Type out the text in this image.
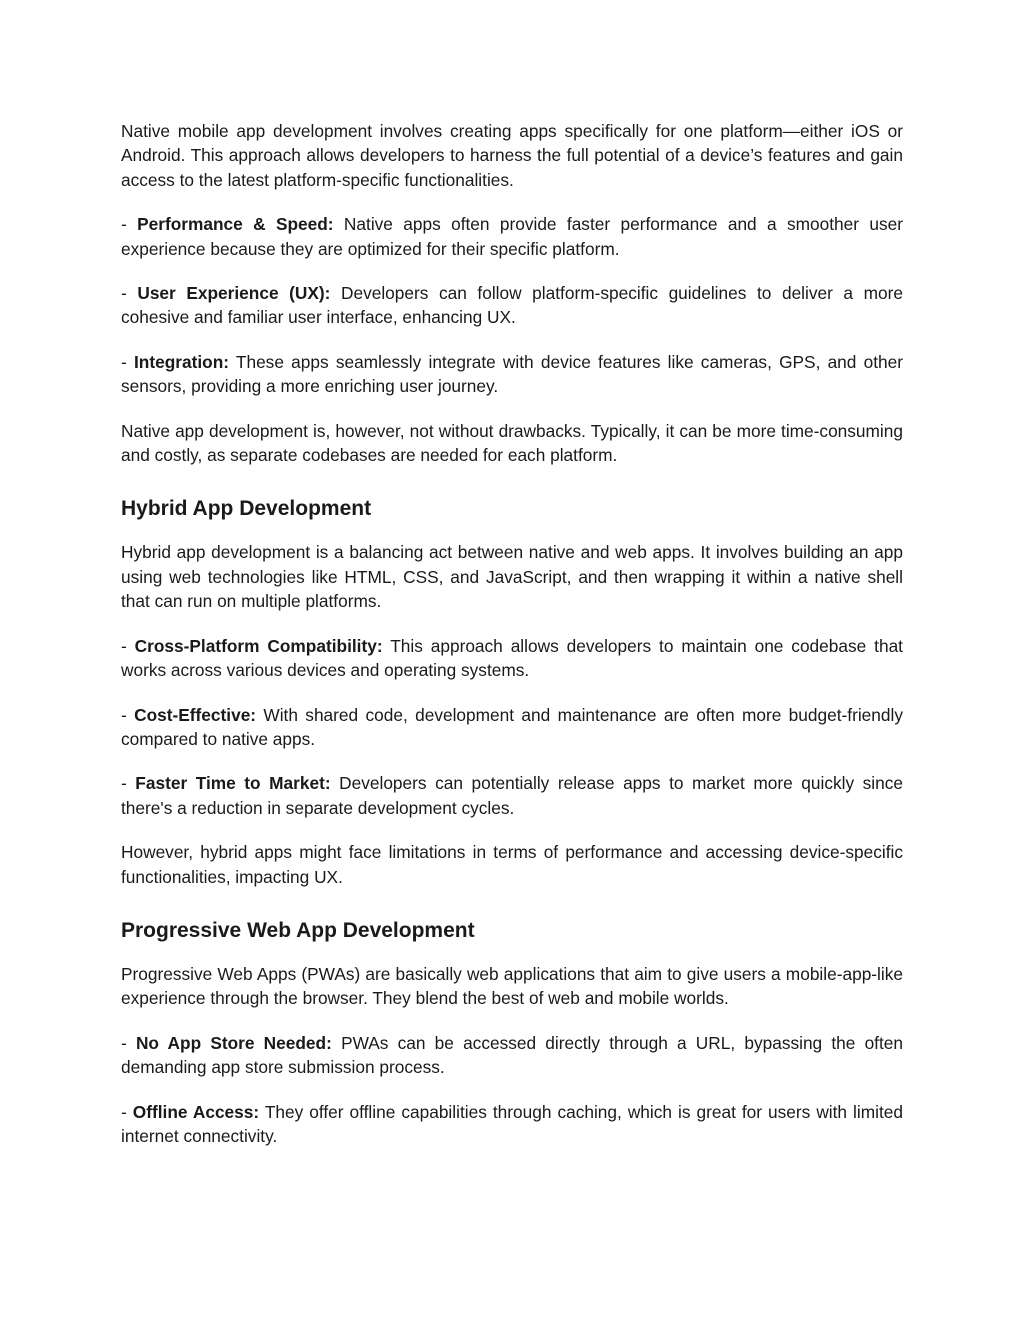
Native mobile app development involves creating apps specifically for one platform—either iOS or Android. This approach allows developers to harness the full potential of a device’s features and gain access to the latest platform-specific functionalities.

- Performance & Speed: Native apps often provide faster performance and a smoother user experience because they are optimized for their specific platform.

- User Experience (UX): Developers can follow platform-specific guidelines to deliver a more cohesive and familiar user interface, enhancing UX.

- Integration: These apps seamlessly integrate with device features like cameras, GPS, and other sensors, providing a more enriching user journey.

Native app development is, however, not without drawbacks. Typically, it can be more time-consuming and costly, as separate codebases are needed for each platform.

Hybrid App Development

Hybrid app development is a balancing act between native and web apps. It involves building an app using web technologies like HTML, CSS, and JavaScript, and then wrapping it within a native shell that can run on multiple platforms.

- Cross-Platform Compatibility: This approach allows developers to maintain one codebase that works across various devices and operating systems.

- Cost-Effective: With shared code, development and maintenance are often more budget-friendly compared to native apps.

- Faster Time to Market: Developers can potentially release apps to market more quickly since there's a reduction in separate development cycles.

However, hybrid apps might face limitations in terms of performance and accessing device-specific functionalities, impacting UX.

Progressive Web App Development

Progressive Web Apps (PWAs) are basically web applications that aim to give users a mobile-app-like experience through the browser. They blend the best of web and mobile worlds.

- No App Store Needed: PWAs can be accessed directly through a URL, bypassing the often demanding app store submission process.

- Offline Access: They offer offline capabilities through caching, which is great for users with limited internet connectivity.
